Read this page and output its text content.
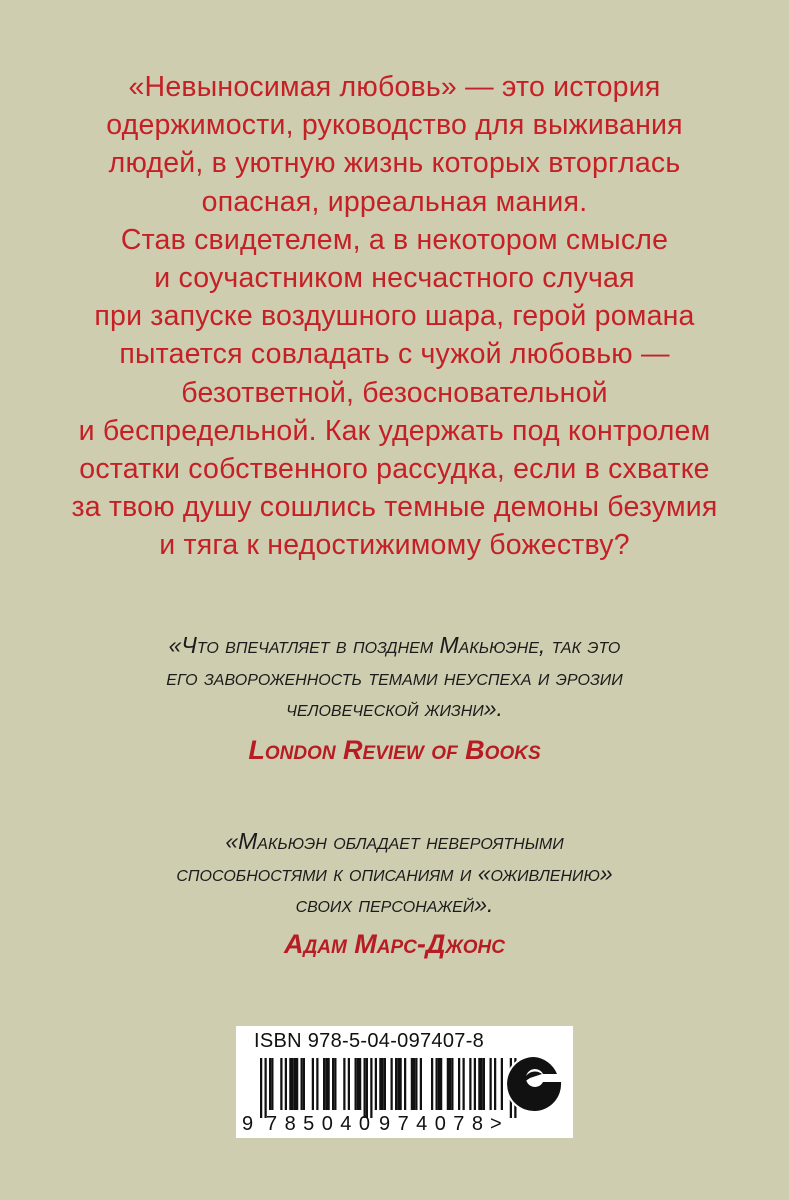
«Невыносимая любовь» — это история
одержимости, руководство для выживания
людей, в уютную жизнь которых вторглась
опасная, ирреальная мания.
Став свидетелем, а в некотором смысле
и соучастником несчастного случая
при запуске воздушного шара, герой романа
пытается совладать с чужой любовью —
безответной, безосновательной
и беспредельной. Как удержать под контролем
остатки собственного рассудка, если в схватке
за твою душу сошлись темные демоны безумия
и тяга к недостижимому божеству?
«Что впечатляет в позднем Макьюэне, так это
его завороженность темами неуспеха и эрозии
человеческой жизни».
London Review of Books
«Макьюэн обладает невероятными
способностями к описаниям и «оживлению»
своих персонажей».
Адам Марс-Джонс
ISBN 978-5-04-097407-8
9 785040 974078 >
